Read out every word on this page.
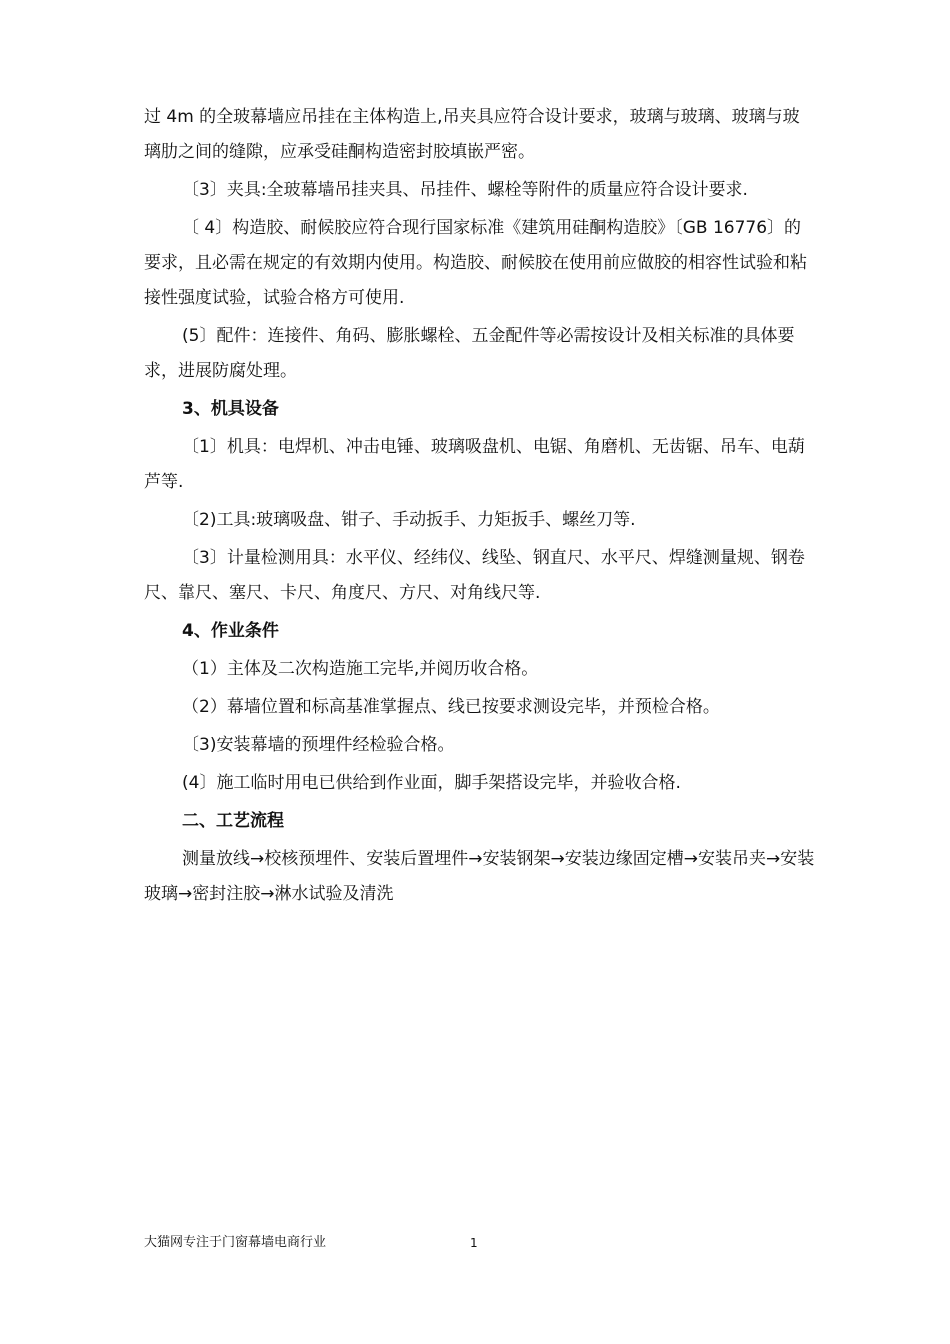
过 4m 的全玻幕墙应吊挂在主体构造上,吊夹具应符合设计要求，玻璃与玻璃、玻璃与玻璃肋之间的缝隙，应承受硅酮构造密封胶填嵌严密。

〔3〕夹具:全玻幕墙吊挂夹具、吊挂件、螺栓等附件的质量应符合设计要求.

〔 4〕构造胶、耐候胶应符合现行国家标准《建筑用硅酮构造胶》〔GB 16776〕的要求，且必需在规定的有效期内使用。构造胶、耐候胶在使用前应做胶的相容性试验和粘接性强度试验，试验合格方可使用.

(5〕配件：连接件、角码、膨胀螺栓、五金配件等必需按设计及相关标准的具体要求，进展防腐处理。

3、机具设备

〔1〕机具：电焊机、冲击电锤、玻璃吸盘机、电锯、角磨机、无齿锯、吊车、电葫芦等.

〔2)工具:玻璃吸盘、钳子、手动扳手、力矩扳手、螺丝刀等.

〔3〕计量检测用具：水平仪、经纬仪、线坠、钢直尺、水平尺、焊缝测量规、钢卷尺、靠尺、塞尺、卡尺、角度尺、方尺、对角线尺等.

4、作业条件

（1）主体及二次构造施工完毕,并阅历收合格。

（2）幕墙位置和标高基准掌握点、线已按要求测设完毕，并预检合格。

〔3)安装幕墙的预埋件经检验合格。

(4〕施工临时用电已供给到作业面，脚手架搭设完毕，并验收合格.

二、工艺流程

测量放线→校核预埋件、安装后置埋件→安装钢架→安装边缘固定槽→安装吊夹→安装玻璃→密封注胶→淋水试验及清洗

大猫网专注于门窗幕墙电商行业	1
